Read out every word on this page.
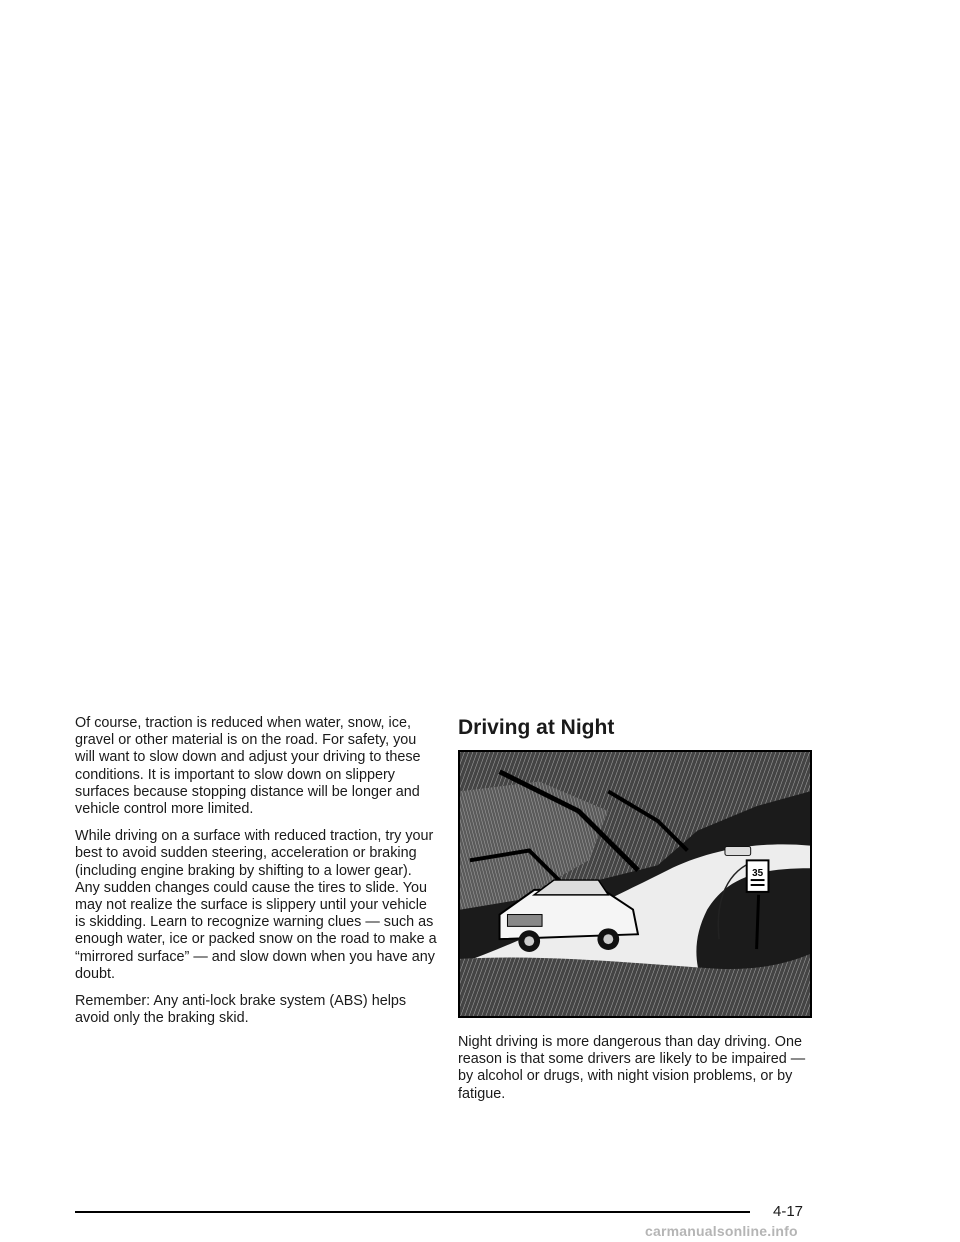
Of course, traction is reduced when water, snow, ice, gravel or other material is on the road. For safety, you will want to slow down and adjust your driving to these conditions. It is important to slow down on slippery surfaces because stopping distance will be longer and vehicle control more limited.

While driving on a surface with reduced traction, try your best to avoid sudden steering, acceleration or braking (including engine braking by shifting to a lower gear). Any sudden changes could cause the tires to slide. You may not realize the surface is slippery until your vehicle is skidding. Learn to recognize warning clues — such as enough water, ice or packed snow on the road to make a “mirrored surface” — and slow down when you have any doubt.

Remember: Any anti-lock brake system (ABS) helps avoid only the braking skid.

Driving at Night
35

Night driving is more dangerous than day driving. One reason is that some drivers are likely to be impaired — by alcohol or drugs, with night vision problems, or by fatigue.

4-17
carmanualsonline.info
